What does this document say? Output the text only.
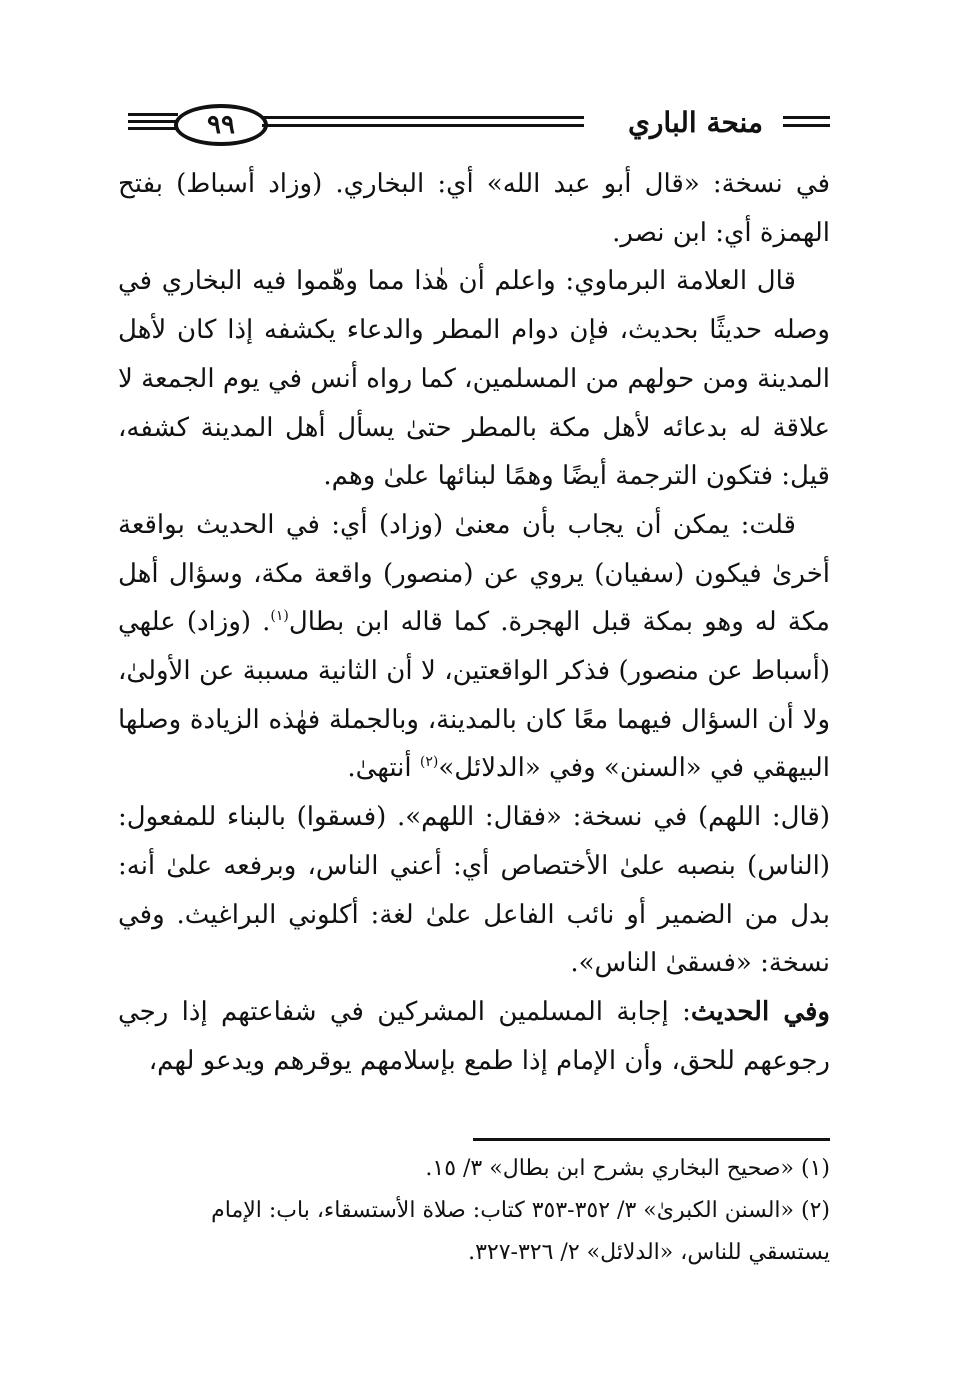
٩٩	منحة الباري

في نسخة: «قال أبو عبد الله» أي: البخاري. (وزاد أسباط) بفتح الهمزة أي: ابن نصر.

قال العلامة البرماوي: واعلم أن هٰذا مما وهّموا فيه البخاري في وصله حديثًا بحديث، فإن دوام المطر والدعاء يكشفه إذا كان لأهل المدينة ومن حولهم من المسلمين، كما رواه أنس في يوم الجمعة لا علاقة له بدعائه لأهل مكة بالمطر حتىٰ يسأل أهل المدينة كشفه، قيل: فتكون الترجمة أيضًا وهمًا لبنائها علىٰ وهم.

قلت: يمكن أن يجاب بأن معنىٰ (وزاد) أي: في الحديث بواقعة أخرىٰ فيكون (سفيان) يروي عن (منصور) واقعة مكة، وسؤال أهل مكة له وهو بمكة قبل الهجرة. كما قاله ابن بطال$^{(١)}$. (وزاد) علهي (أسباط عن منصور) فذكر الواقعتين، لا أن الثانية مسببة عن الأولىٰ، ولا أن السؤال فيهما معًا كان بالمدينة، وبالجملة فهٰذه الزيادة وصلها البيهقي في «السنن» وفي «الدلائل»$^{(٢)}$ أنتهىٰ.

(قال: اللهم) في نسخة: «فقال: اللهم». (فسقوا) بالبناء للمفعول: (الناس) بنصبه علىٰ الأختصاص أي: أعني الناس، وبرفعه علىٰ أنه: بدل من الضمير أو نائب الفاعل علىٰ لغة: أكلوني البراغيث. وفي نسخة: «فسقىٰ الناس».

وفي الحديث: إجابة المسلمين المشركين في شفاعتهم إذا رجي رجوعهم للحق، وأن الإمام إذا طمع بإسلامهم يوقرهم ويدعو لهم،

(١) «صحيح البخاري بشرح ابن بطال» ٣/ ١٥.

(٢) «السنن الكبرىٰ» ٣/ ٣٥٢-٣٥٣ كتاب: صلاة الأستسقاء، باب: الإمام
يستسقي للناس، «الدلائل» ٢/ ٣٢٦-٣٢٧.
